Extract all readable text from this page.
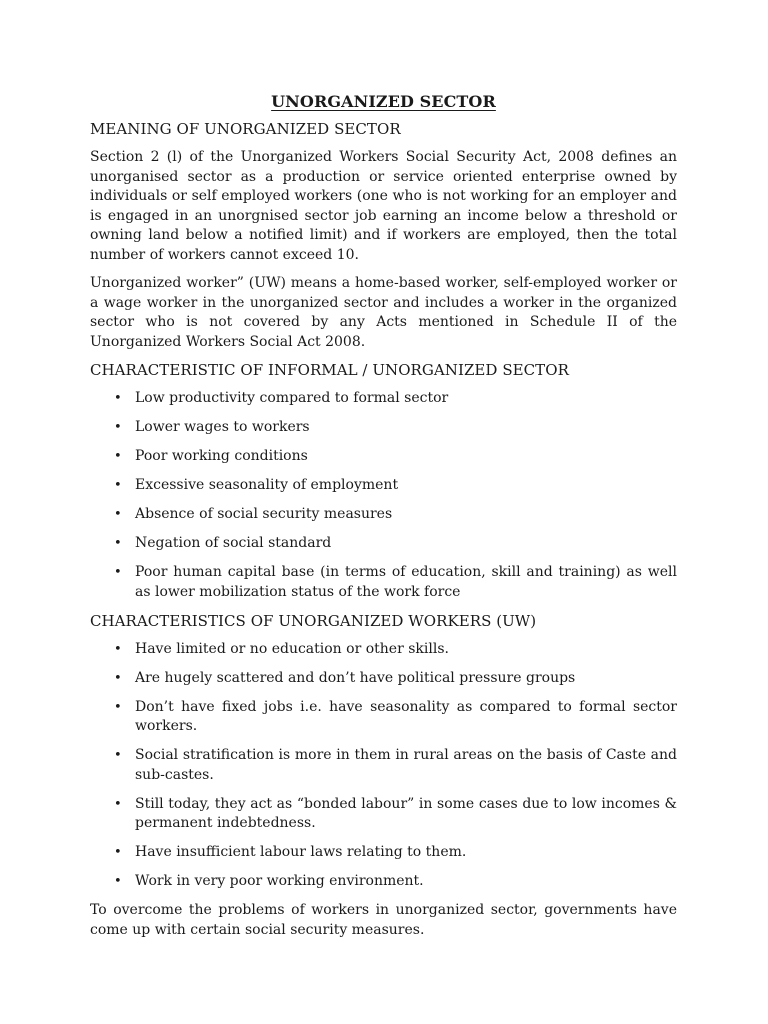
UNORGANIZED SECTOR
MEANING OF UNORGANIZED SECTOR

Section 2 (l) of the Unorganized Workers Social Security Act, 2008 defines an unorganised sector as a production or service oriented enterprise owned by individuals or self employed workers (one who is not working for an employer and is engaged in an unorgnised sector job earning an income below a threshold or owning land below a notified limit) and if workers are employed, then the total number of workers cannot exceed 10.

Unorganized worker” (UW) means a home-based worker, self-employed worker or a wage worker in the unorganized sector and includes a worker in the organized sector who is not covered by any Acts mentioned in Schedule II of the Unorganized Workers Social Act 2008.

CHARACTERISTIC OF INFORMAL / UNORGANIZED SECTOR
• Low productivity compared to formal sector
• Lower wages to workers
• Poor working conditions
• Excessive seasonality of employment
• Absence of social security measures
• Negation of social standard
• Poor human capital base (in terms of education, skill and training) as well as lower mobilization status of the work force
CHARACTERISTICS OF UNORGANIZED WORKERS (UW)
• Have limited or no education or other skills.
• Are hugely scattered and don’t have political pressure groups
• Don’t have fixed jobs i.e. have seasonality as compared to formal sector workers.
• Social stratification is more in them in rural areas on the basis of Caste and sub-castes.
• Still today, they act as “bonded labour” in some cases due to low incomes & permanent indebtedness.
• Have insufficient labour laws relating to them.
• Work in very poor working environment.

To overcome the problems of workers in unorganized sector, governments have come up with certain social security measures.
